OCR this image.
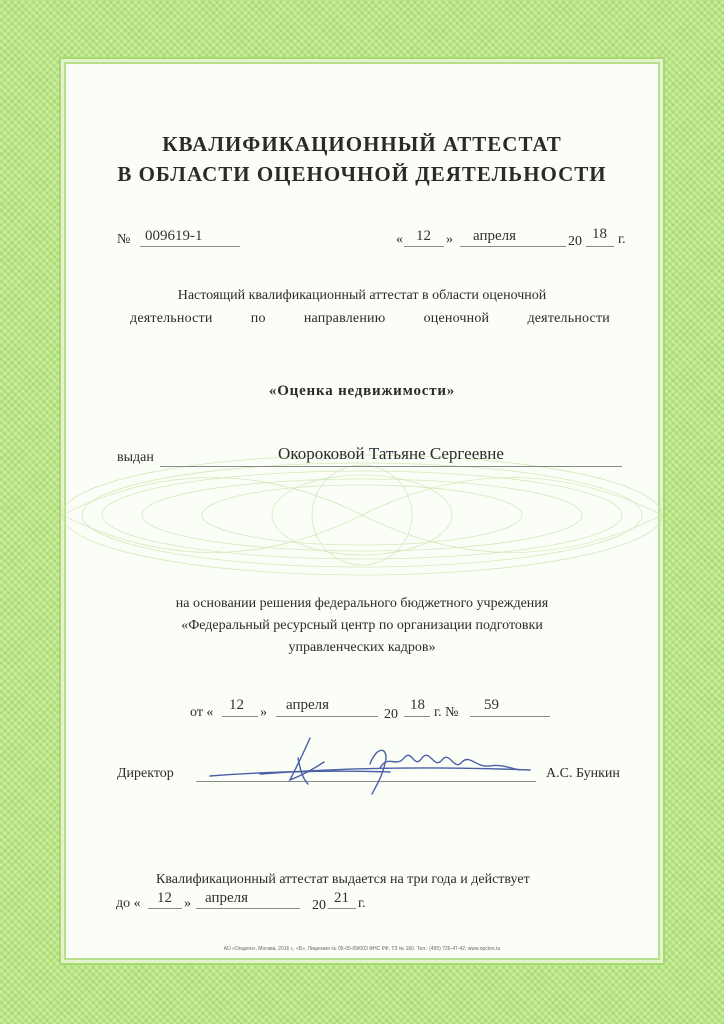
КВАЛИФИКАЦИОННЫЙ АТТЕСТАТ
В ОБЛАСТИ ОЦЕНОЧНОЙ ДЕЯТЕЛЬНОСТИ
№ 009619-1	« 12 » апреля	20 18 г.
Настоящий квалификационный аттестат в области оценочной
деятельности по направлению оценочной деятельности
«Оценка недвижимости»
выдан	Окороковой Татьяне Сергеевне
на основании решения федерального бюджетного учреждения
«Федеральный ресурсный центр по организации подготовки
управленческих кадров»
от « 12 » апреля
20
18 г. № 59
Директор	А.С. Бункин
Квалификационный аттестат выдается на три года и действует
до « 12 » апреля	20 21 г.
АО «Опцион», Москва, 2016 г., «Б», Лицензия № 05-05-09/003 ФНС РФ, ТЗ № 160. Тел.: (495) 726-47-42, www.opcion.ru
